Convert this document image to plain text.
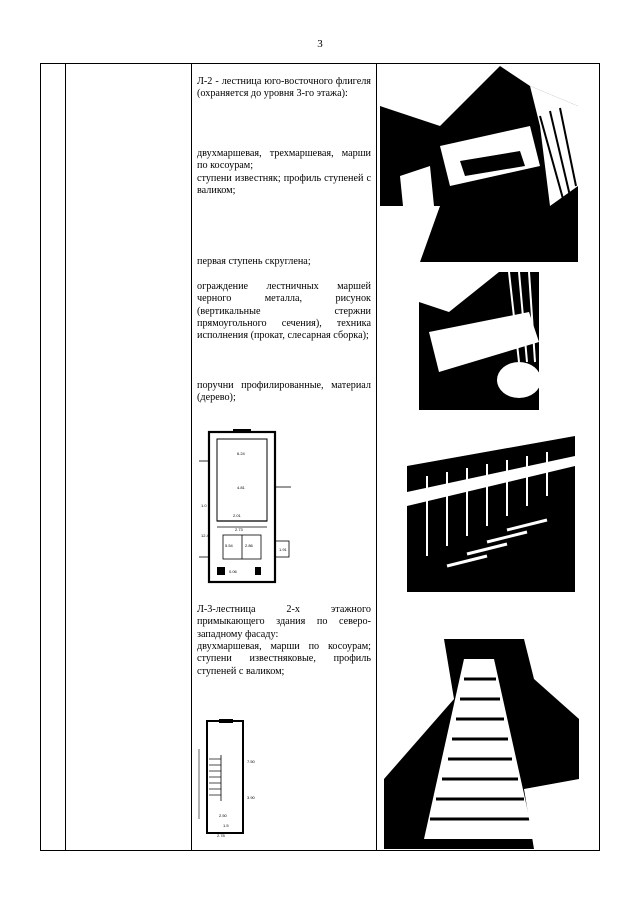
3

Л-2 - лестница юго-восточного флигеля (охраняется до уровня 3-го этажа):

двухмаршевая, трехмаршевая, марши по косоурам;

ступени известняк; профиль ступеней с валиком;

первая ступень скруглена;

ограждение лестничных маршей черного металла, рисунок (вертикальные стержни прямоугольного сечения), техника исполнения (прокат, слесарная сборка);

поручни профилированные, материал (дерево);

6.24
4.81
2.01
1.0
2.73
5.54	2.86
12.4
0.06
1.91

Л-3-лестница 2-х этажного примыкающего здания по северо-западному фасаду:

двухмаршевая, марши по косоурам; ступени известняковые, профиль ступеней с валиком;

7.50
3.90
2.50
2.78
1.5
